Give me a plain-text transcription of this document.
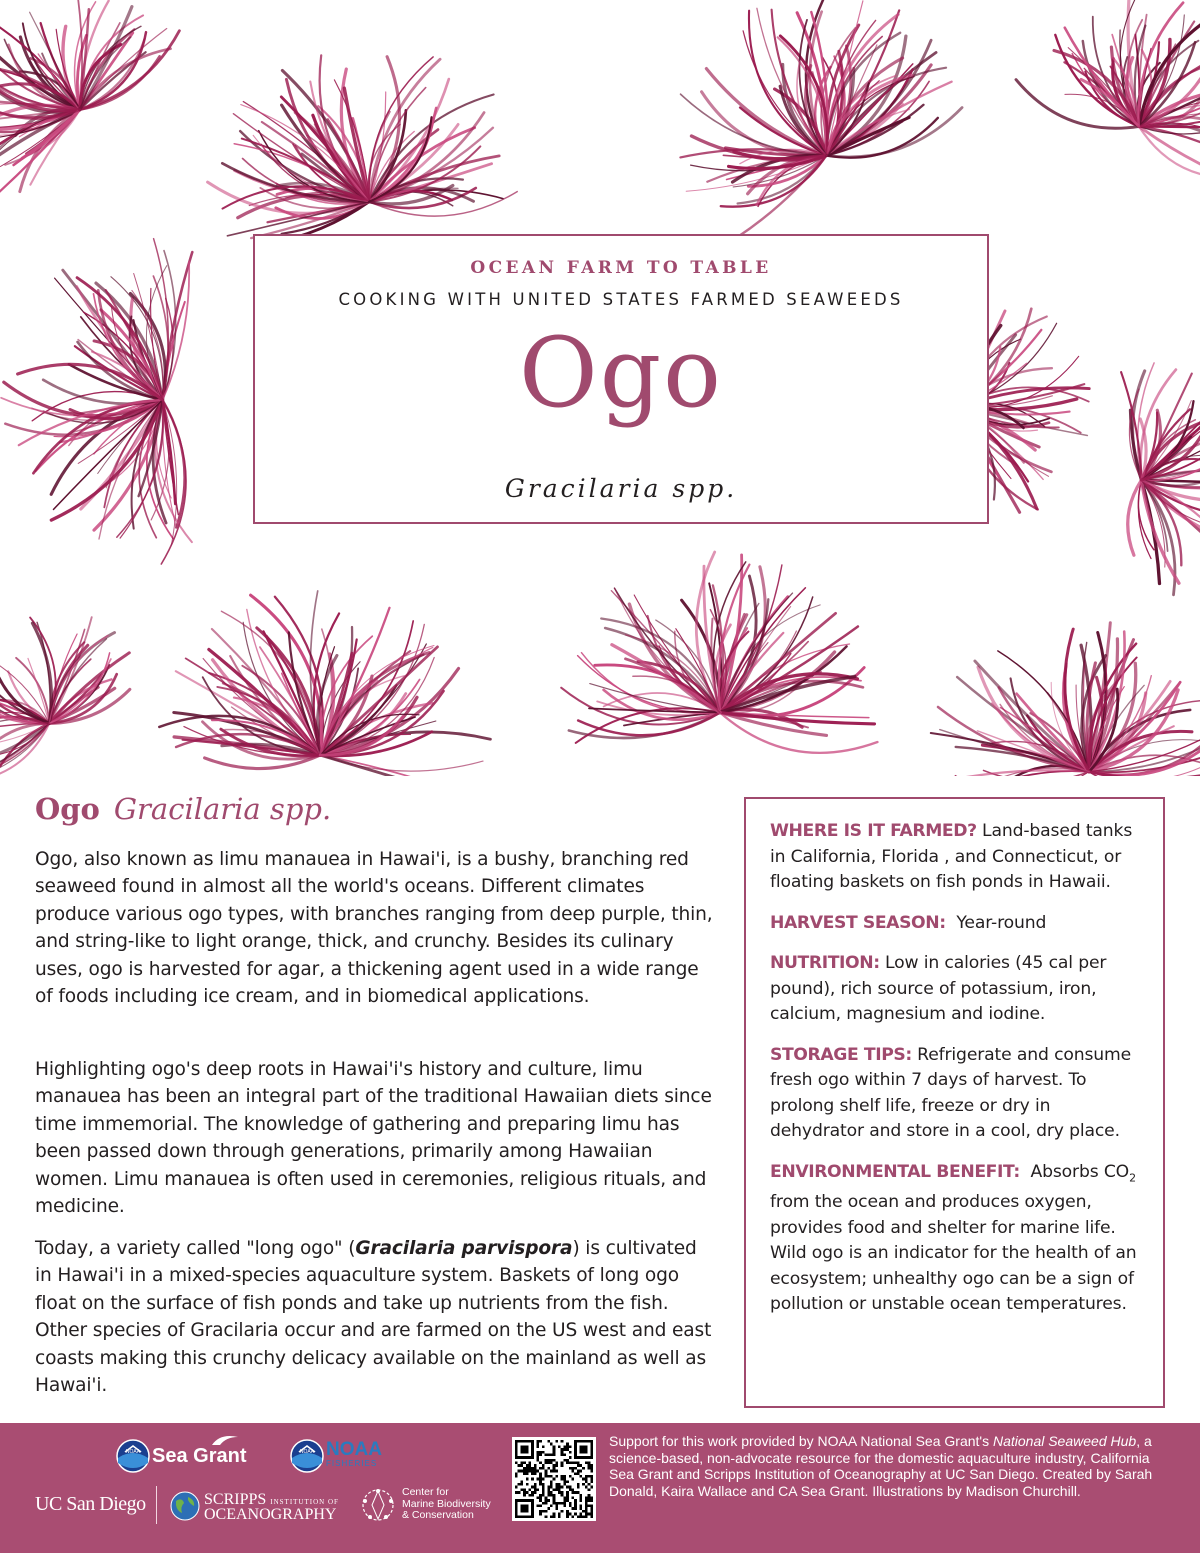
OCEAN FARM TO TABLE
COOKING WITH UNITED STATES FARMED SEAWEEDS
Ogo
Gracilaria spp.
Ogo Gracilaria spp.

Ogo, also known as limu manauea in Hawai'i, is a bushy, branching red seaweed found in almost all the world's oceans. Different climates produce various ogo types, with branches ranging from deep purple, thin, and string-like to light orange, thick, and crunchy. Besides its culinary uses, ogo is harvested for agar, a thickening agent used in a wide range of foods including ice cream, and in biomedical applications.

Highlighting ogo's deep roots in Hawai'i's history and culture, limu manauea has been an integral part of the traditional Hawaiian diets since time immemorial. The knowledge of gathering and preparing limu has been passed down through generations, primarily among Hawaiian women. Limu manauea is often used in ceremonies, religious rituals, and medicine.

Today, a variety called "long ogo" (Gracilaria parvispora) is cultivated in Hawai'i in a mixed-species aquaculture system. Baskets of long ogo float on the surface of fish ponds and take up nutrients from the fish. Other species of Gracilaria occur and are farmed on the US west and east coasts making this crunchy delicacy available on the mainland as well as Hawai'i.

WHERE IS IT FARMED? Land-based tanks in California, Florida , and Connecticut, or floating baskets on fish ponds in Hawaii.
HARVEST SEASON:  Year-round
NUTRITION: Low in calories (45 cal per pound), rich source of potassium, iron, calcium, magnesium and iodine.
STORAGE TIPS: Refrigerate and consume fresh ogo within 7 days of harvest. To prolong shelf life, freeze or dry in dehydrator and store in a cool, dry place.
ENVIRONMENTAL BENEFIT:  Absorbs $CO_2$ from the ocean and produces oxygen, provides food and shelter for marine life. Wild ogo is an indicator for the health of an ecosystem; unhealthy ogo can be a sign of pollution or unstable ocean temperatures.
NOAA Sea Grant	NOAA NOAA
FISHERIES
UC San Diego	SCRIPPS INSTITUTION OF
OCEANOGRAPHY
Center for
Marine Biodiversity
& Conservation

Support for this work provided by NOAA National Sea Grant's National Seaweed Hub, a science-based, non-advocate resource for the domestic aquaculture industry, California Sea Grant and Scripps Institution of Oceanography at UC San Diego. Created by Sarah Donald, Kaira Wallace and CA Sea Grant. Illustrations by Madison Churchill.
